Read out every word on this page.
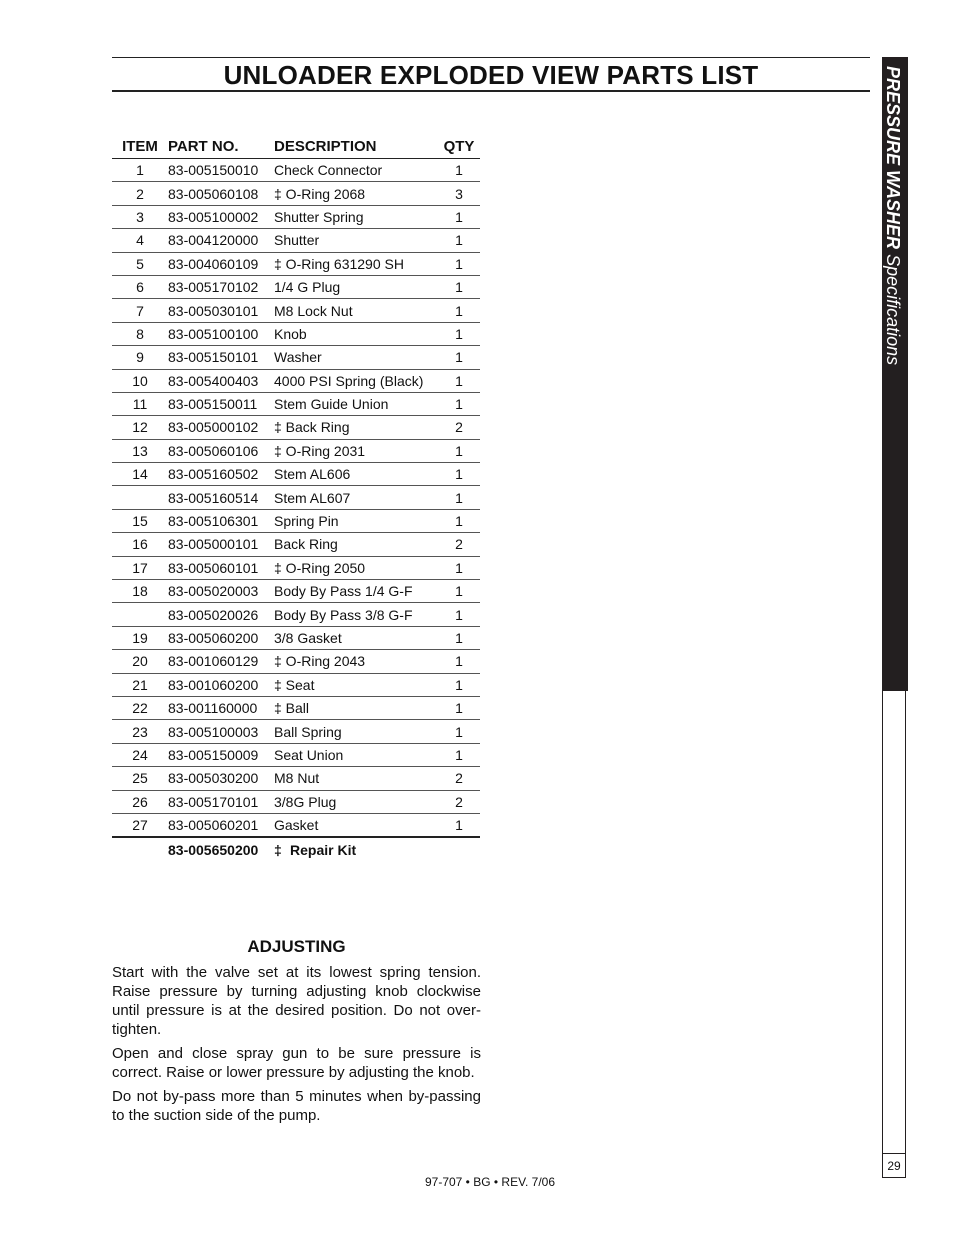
UNLOADER EXPLODED VIEW PARTS LIST	PRESSURE WASHER Specifications
29
ITEM	PART NO.	DESCRIPTION	QTY
1	83-005150010	Check Connector	1
2	83-005060108	‡ O-Ring 2068	3
3	83-005100002	Shutter Spring	1
4	83-004120000	Shutter	1
5	83-004060109	‡ O-Ring 631290 SH	1
6	83-005170102	1/4 G Plug	1
7	83-005030101	M8 Lock Nut	1
8	83-005100100	Knob	1
9	83-005150101	Washer	1
10	83-005400403	4000 PSI Spring (Black)	1
11	83-005150011	Stem Guide Union	1
12	83-005000102	‡ Back Ring	2
13	83-005060106	‡ O-Ring 2031	1
14	83-005160502	Stem AL606	1
	83-005160514	Stem AL607	1
15	83-005106301	Spring Pin	1
16	83-005000101	Back Ring	2
17	83-005060101	‡ O-Ring 2050	1
18	83-005020003	Body By Pass 1/4 G-F	1
	83-005020026	Body By Pass 3/8 G-F	1
19	83-005060200	3/8 Gasket	1
20	83-001060129	‡ O-Ring 2043	1
21	83-001060200	‡ Seat	1
22	83-001160000	‡ Ball	1
23	83-005100003	Ball Spring	1
24	83-005150009	Seat Union	1
25	83-005030200	M8 Nut	2
26	83-005170101	3/8G Plug	2
27	83-005060201	Gasket	1
	83-005650200	‡ Repair Kit	
ADJUSTING

Start with the valve set at its lowest spring tension. Raise pressure by turning adjusting knob clockwise until pressure is at the desired position. Do not over-tighten.

Open and close spray gun to be sure pressure is correct. Raise or lower pressure by adjusting the knob.

Do not by-pass more than 5 minutes when by-passing to the suction side of the pump.

97-707 • BG • REV. 7/06
